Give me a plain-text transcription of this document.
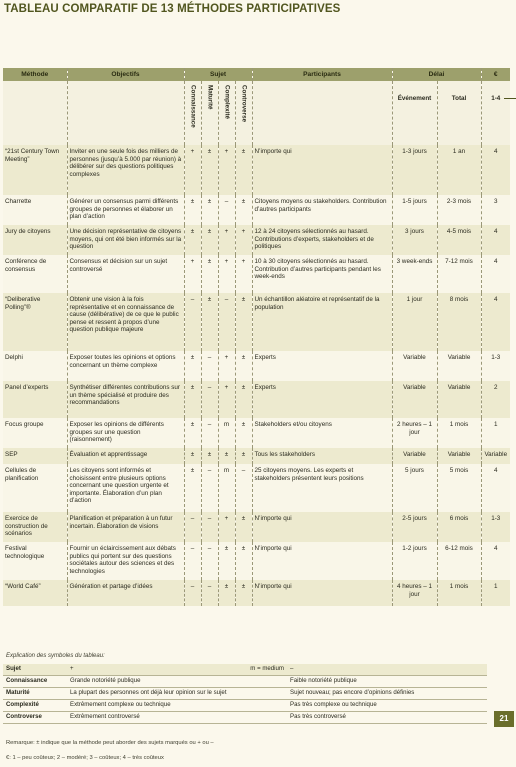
TABLEAU COMPARATIF DE 13 MÉTHODES PARTICIPATIVES
Méthode	Objectifs	Sujet				Participants	Délai		€
		Connaissance	Maturité	Complexité	Controverse		Événement	Total	1-4

“21st Century Town Meeting”	Inviter en une seule fois des milliers de personnes (jusqu’à 5.000 par réunion) à délibérer sur des questions politiques complexes	+	±	+	±	N’importe qui	1-3 jours	1 an	4
Charrette	Générer un consensus parmi différents groupes de personnes et élaborer un plan d’action	±	±	–	±	Citoyens moyens ou stakeholders. Contribution d’autres participants	1-5 jours	2-3 mois	3
Jury de citoyens	Une décision représentative de citoyens moyens, qui ont été bien informés sur la question	±	±	+	+	12 à 24 citoyens sélectionnés au hasard. Contributions d’experts, stakeholders et de politiques	3 jours	4-5 mois	4
Conférence de consensus	Consensus et décision sur un sujet controversé	+	±	+	+	10 à 30 citoyens sélectionnés au hasard. Contribution d’autres participants pendant les week-ends	3 week-ends	7-12 mois	4
“Deliberative Polling”®	Obtenir une vision à la fois représentative et en connaissance de cause (délibérative) de ce que le public pense et ressent à propos d’une question publique majeure	–	±	–	±	Un échantillon aléatoire et représentatif de la population	1 jour	8 mois	4
Delphi	Exposer toutes les opinions et options concernant un thème complexe	±	–	+	±	Experts	Variable	Variable	1-3
Panel d’experts	Synthétiser différentes contributions sur un thème spécialisé et produire des recommandations	±	–	+	±	Experts	Variable	Variable	2
Focus groupe	Exposer les opinions de différents groupes sur une question (raisonnement)	±	–	m	±	Stakeholders et/ou citoyens	2 heures – 1 jour	1 mois	1
SEP	Évaluation et apprentissage	±	±	±	±	Tous les stakeholders	Variable	Variable	Variable
Cellules de planification	Les citoyens sont informés et choisissent entre plusieurs options concernant une question urgente et importante. Élaboration d’un plan d’action	±	–	m	–	25 citoyens moyens. Les experts et stakeholders présentent leurs positions	5 jours	5 mois	4
Exercice de construction de scénarios	Planification et préparation à un futur incertain. Élaboration de visions	–	–	+	±	N’importe qui	2-5 jours	6 mois	1-3
Festival technologique	Fournir un éclaircissement aux débats publics qui portent sur des questions sociétales autour des sciences et des technologies	–	–	±	±	N’importe qui	1-2 jours	6-12 mois	4
“World Café”	Génération et partage d’idées	–	–	±	±	N’importe qui	4 heures – 1 jour	1 mois	1
Explication des symboles du tableau:
Sujet	+ m = medium	–
Connaissance	Grande notoriété publique	Faible notoriété publique
Maturité	La plupart des personnes ont déjà leur opinion sur le sujet	Sujet nouveau; pas encore d’opinions définies
Complexité	Extrêmement complexe ou technique	Pas très complexe ou technique
Controverse	Extrêmement controversé	Pas très controversé
Remarque: ± indique que la méthode peut aborder des sujets marqués ou + ou –
€: 1 – peu coûteux; 2 – modéré; 3 – coûteux; 4 – très coûteux
21
